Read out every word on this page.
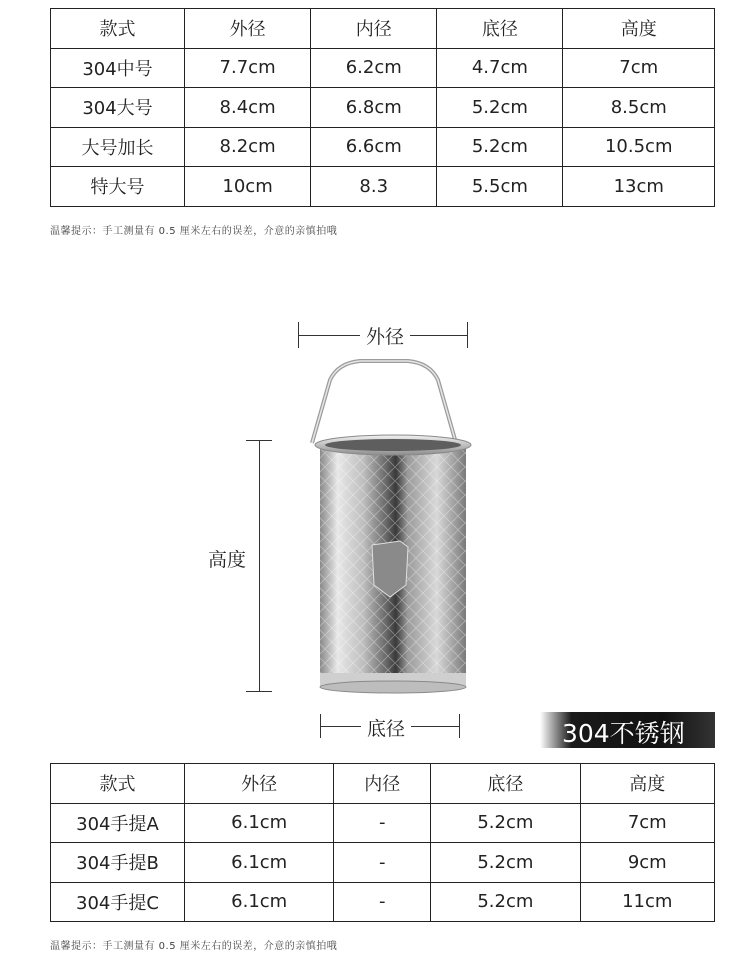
款式	外径	内径	底径	高度
304中号	7.7cm	6.2cm	4.7cm	7cm
304大号	8.4cm	6.8cm	5.2cm	8.5cm
大号加长	8.2cm	6.6cm	5.2cm	10.5cm
特大号	10cm	8.3	5.5cm	13cm
温馨提示：手工测量有 0.5 厘米左右的误差，介意的亲慎拍哦
外径
高度
底径	304不锈钢
款式	外径	内径	底径	高度
304手提A	6.1cm	-	5.2cm	7cm
304手提B	6.1cm	-	5.2cm	9cm
304手提C	6.1cm	-	5.2cm	11cm
温馨提示：手工测量有 0.5 厘米左右的误差，介意的亲慎拍哦
